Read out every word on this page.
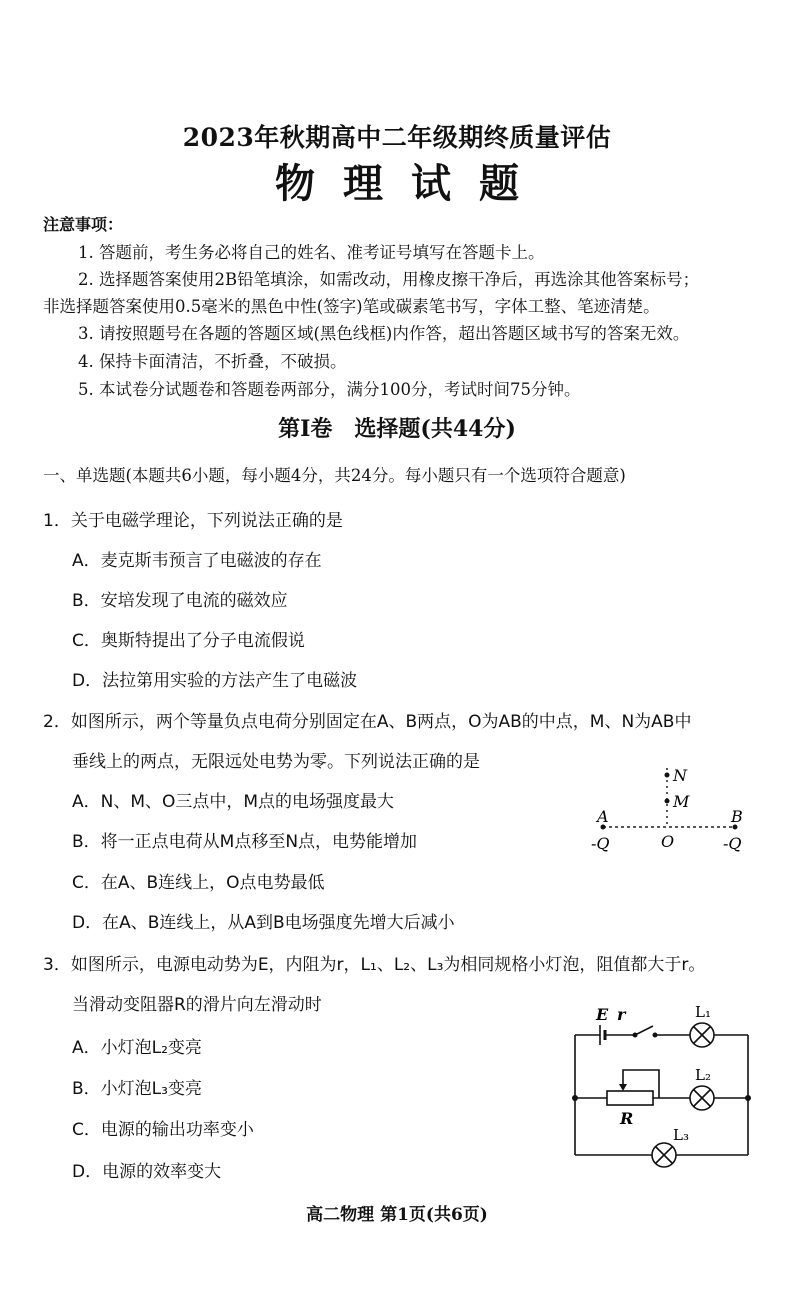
2023年秋期高中二年级期终质量评估
物理试题
注意事项：
1. 答题前，考生务必将自己的姓名、准考证号填写在答题卡上。
2. 选择题答案使用2B铅笔填涂，如需改动，用橡皮擦干净后，再选涂其他答案标号；
非选择题答案使用0.5毫米的黑色中性(签字)笔或碳素笔书写，字体工整、笔迹清楚。
3. 请按照题号在各题的答题区域(黑色线框)内作答，超出答题区域书写的答案无效。
4. 保持卡面清洁，不折叠，不破损。
5. 本试卷分试题卷和答题卷两部分，满分100分，考试时间75分钟。
第Ⅰ卷　选择题(共44分)
一、单选题(本题共6小题，每小题4分，共24分。每小题只有一个选项符合题意)
1．关于电磁学理论，下列说法正确的是
A．麦克斯韦预言了电磁波的存在
B．安培发现了电流的磁效应
C．奥斯特提出了分子电流假说
D．法拉第用实验的方法产生了电磁波
2．如图所示，两个等量负点电荷分别固定在A、B两点，O为AB的中点，M、N为AB中
垂线上的两点，无限远处电势为零。下列说法正确的是
A．N、M、O三点中，M点的电场强度最大
B．将一正点电荷从M点移至N点，电势能增加
C．在A、B连线上，O点电势最低
D．在A、B连线上，从A到B电场强度先增大后减小
N
M
A	B
O
-Q	-Q
3．如图所示，电源电动势为E，内阻为r，L₁、L₂、L₃为相同规格小灯泡，阻值都大于r。
当滑动变阻器R的滑片向左滑动时
A．小灯泡L₂变亮
B．小灯泡L₃变亮
C．电源的输出功率变小
D．电源的效率变大
E r	L₁
L₂
L₃
R
高二物理 第1页(共6页)
